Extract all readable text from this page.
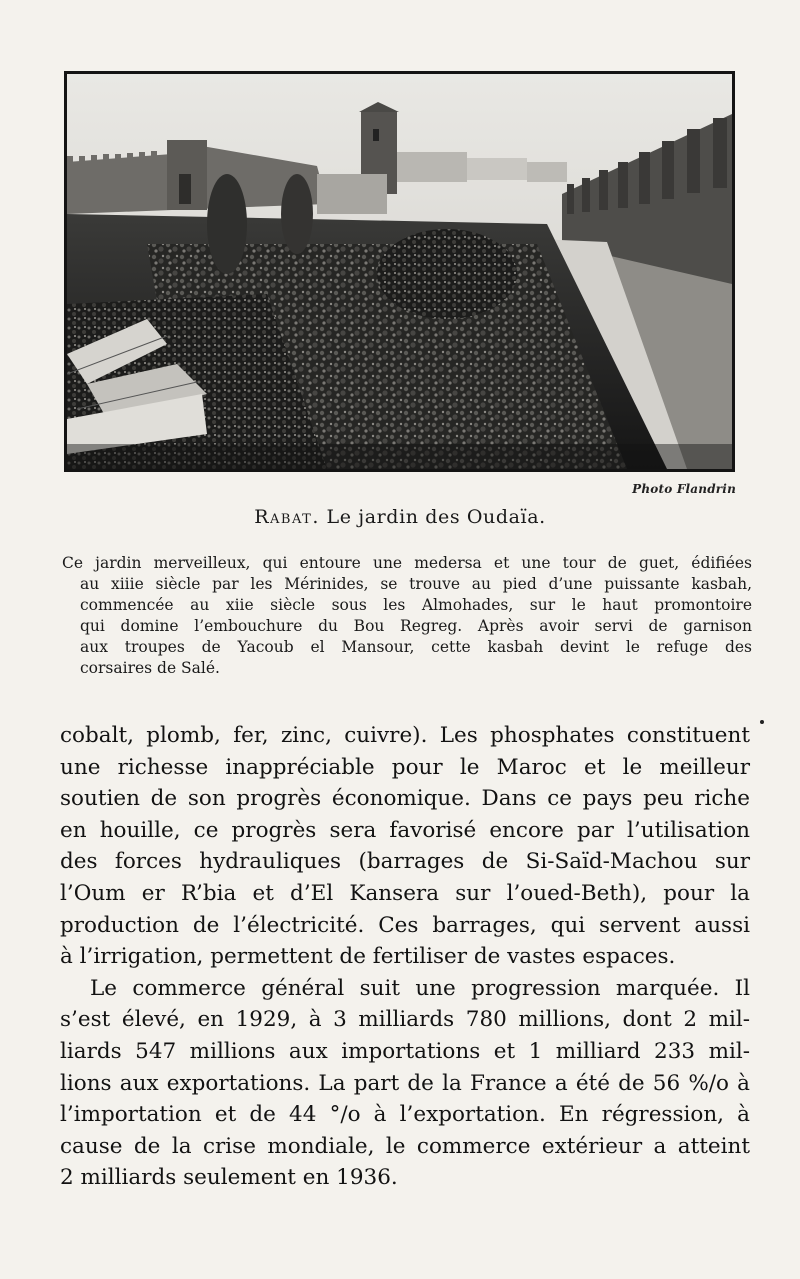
Photo Flandrin
Rabat. Le jardin des Oudaïa.
Ce jardin merveilleux, qui entoure une medersa et une tour de guet, édifiées
au xiiie siècle par les Mérinides, se trouve au pied d’une puissante kasbah,
commencée au xiie siècle sous les Almohades, sur le haut promontoire
qui domine l’embouchure du Bou Regreg. Après avoir servi de garnison
aux troupes de Yacoub el Mansour, cette kasbah devint le refuge des
corsaires de Salé.
cobalt, plomb, fer, zinc, cuivre). Les phosphates constituent
une richesse inappréciable pour le Maroc et le meilleur
soutien de son progrès économique. Dans ce pays peu riche
en houille, ce progrès sera favorisé encore par l’utilisation
des forces hydrauliques (barrages de Si-Saïd-Machou sur
l’Oum er R’bia et d’El Kansera sur l’oued-Beth), pour la
production de l’électricité. Ces barrages, qui servent aussi
à l’irrigation, permettent de fertiliser de vastes espaces.
Le commerce général suit une progression marquée. Il
s’est élevé, en 1929, à 3 milliards 780 millions, dont 2 mil-
liards 547 millions aux importations et 1 milliard 233 mil-
lions aux exportations. La part de la France a été de 56 %/o à
l’importation et de 44 °/o à l’exportation. En régression, à
cause de la crise mondiale, le commerce extérieur a atteint
2 milliards seulement en 1936.
